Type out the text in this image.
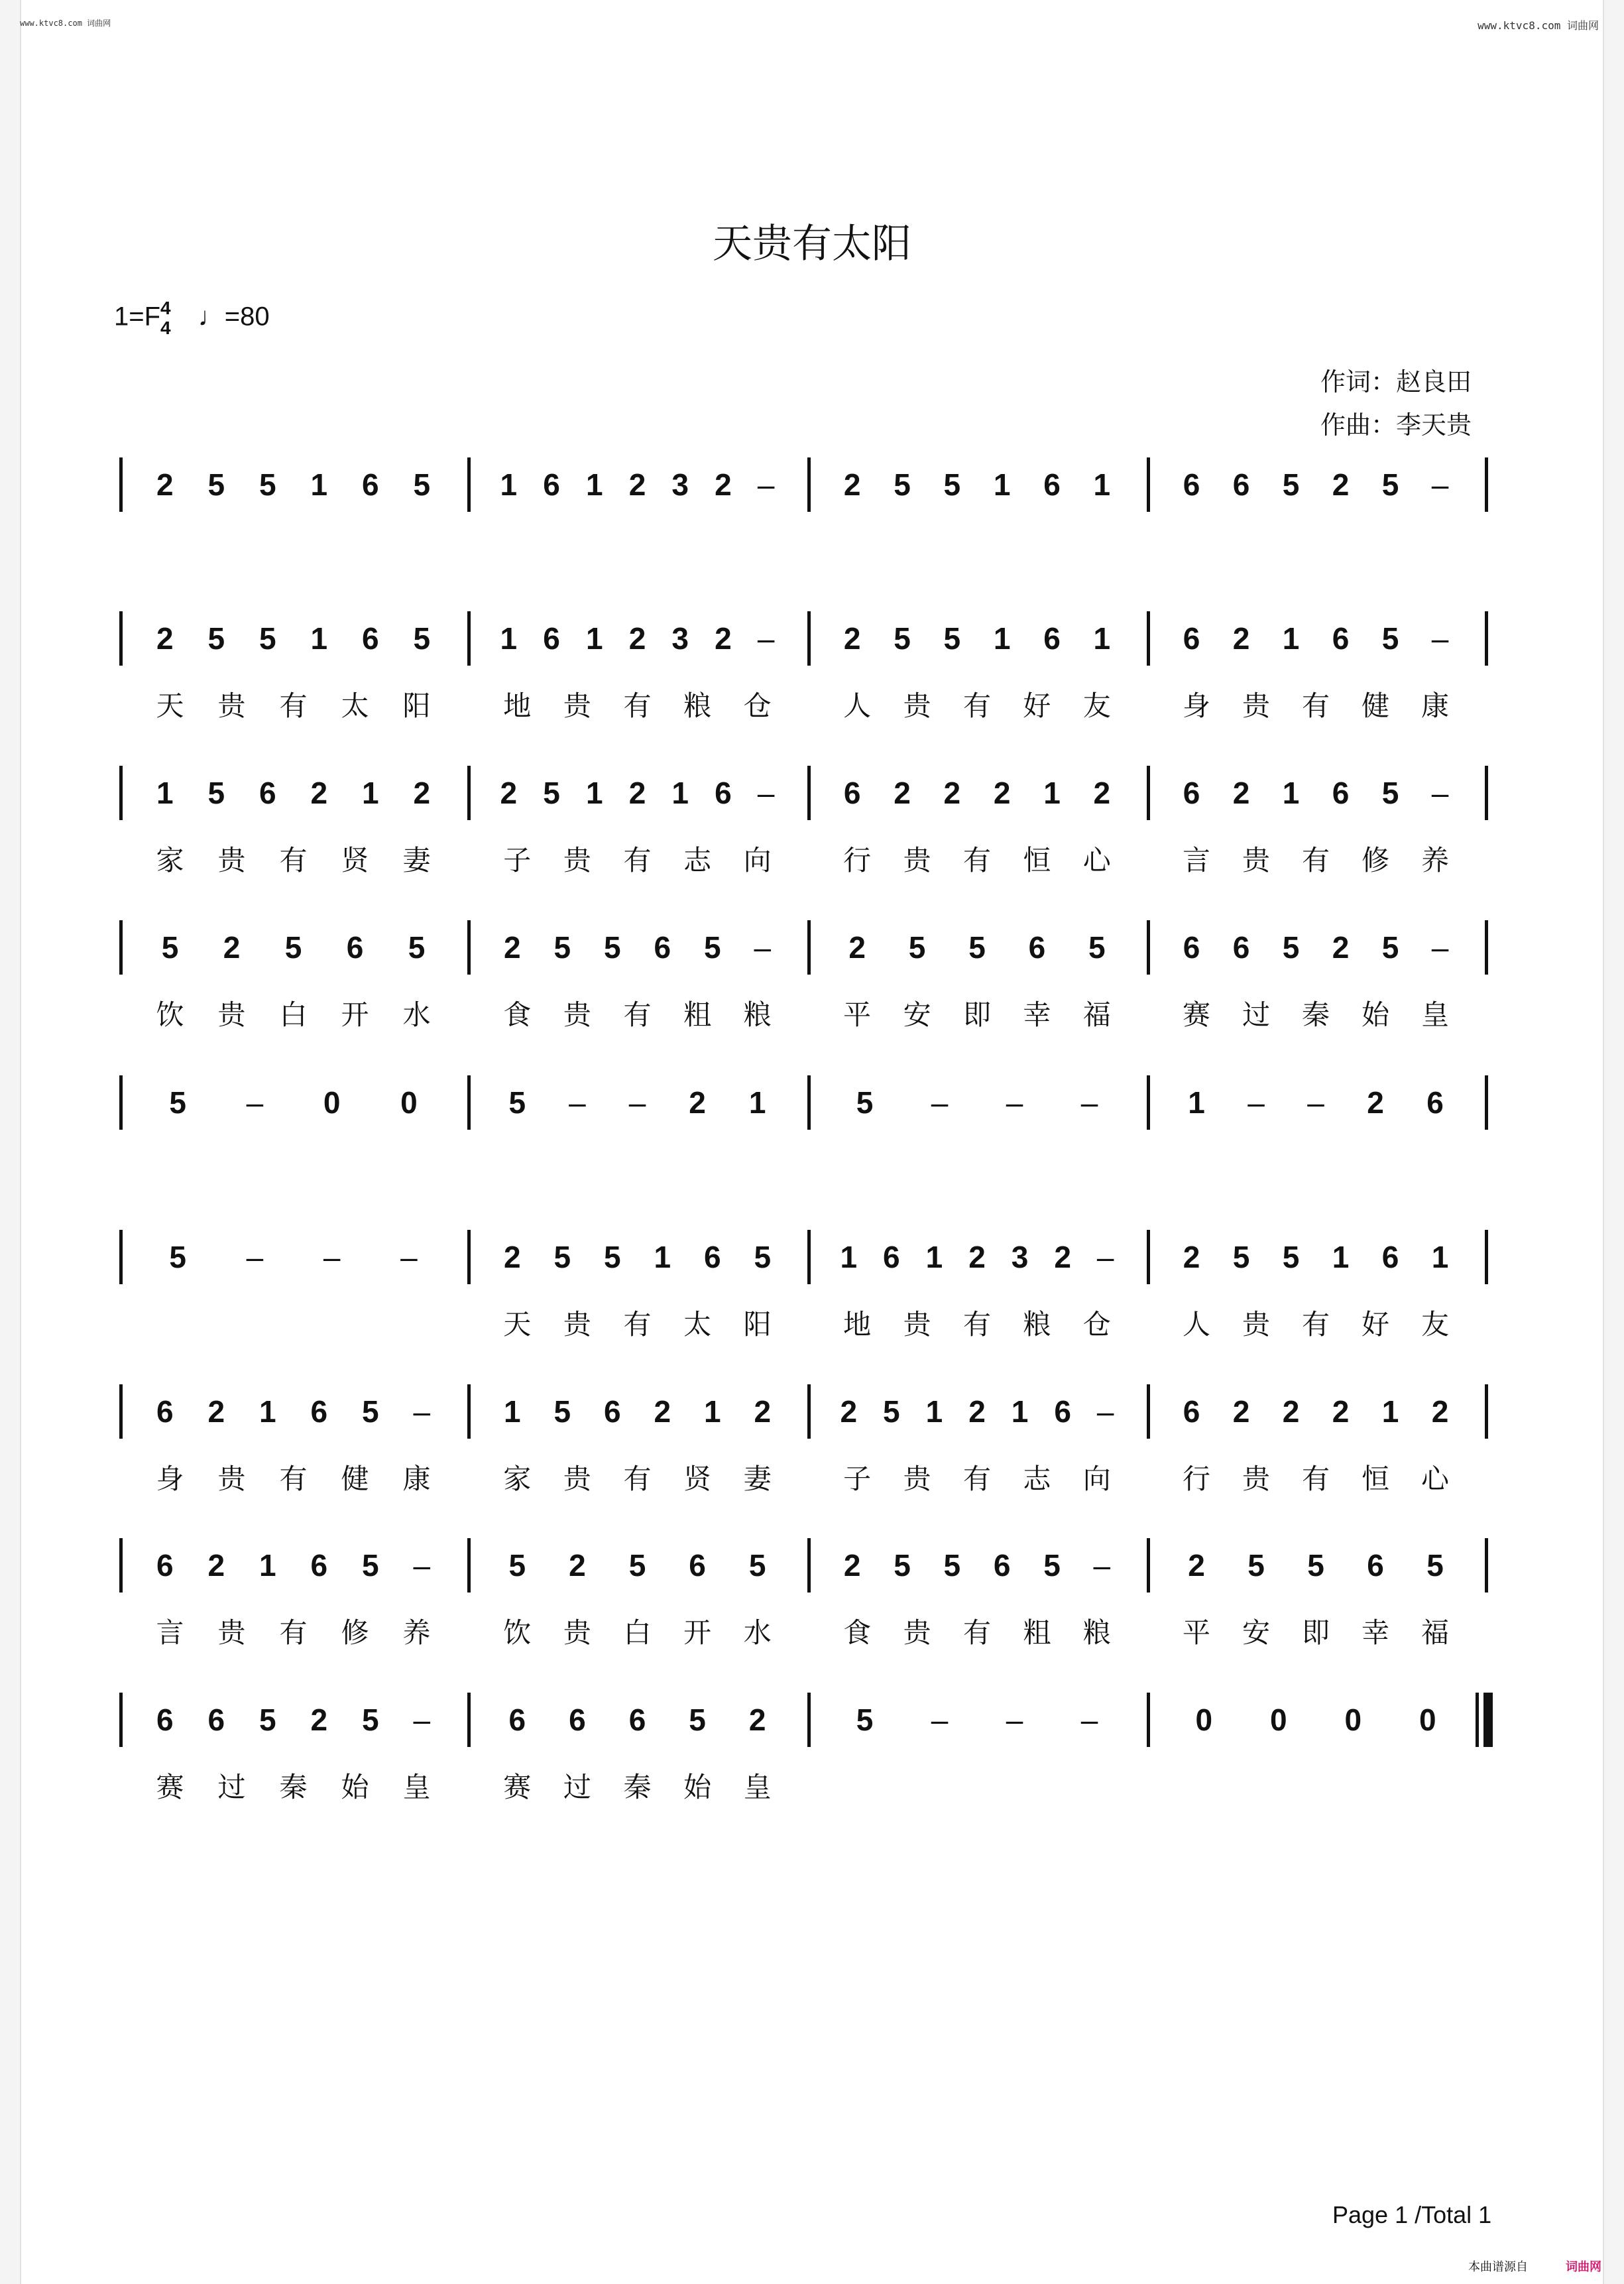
www.ktvc8.com 词曲网	www.ktvc8.com 词曲网
天贵有太阳
1=F4
4 ♩=80
作词：赵良田
作曲：李天贵
2	5	5	1	6	5	1 6 1 2 3 2 –	2	5	5	1	6	1	6	6	5	2	5	–
2	5	5	1	6	5
天 贵 有 太 阳
1 6 1 2 3 2 –
地 贵 有 粮 仓
2	5	5	1	6	1
人 贵 有 好 友
6	2	1	6	5	–
身 贵 有 健 康
1	5	6	2	1	2
家 贵 有 贤 妻
2 5 1 2 1 6 –
子 贵 有 志 向
6	2	2	2	1	2
行 贵 有 恒 心
6	2	1	6	5	–
言 贵 有 修 养
5	2	5	6	5
饮 贵 白 开 水
2	5	5	6	5	–
食 贵 有 粗 粮
2	5	5	6	5
平 安 即 幸 福
6	6	5	2	5	–
赛 过 秦 始 皇
5	–	0	0	5	–	–	2	1	5	–	–	–	1	–	–	2	6
5	–	–	–	2	5	5	1	6	5
天 贵 有 太 阳
1 6 1 2 3 2 –
地 贵 有 粮 仓
2	5	5	1	6	1
人 贵 有 好 友
6	2	1	6	5	–
身 贵 有 健 康
1	5	6	2	1	2
家 贵 有 贤 妻
2 5 1 2 1 6 –
子 贵 有 志 向
6	2	2	2	1	2
行 贵 有 恒 心
6	2	1	6	5	–
言 贵 有 修 养
5	2	5	6	5
饮 贵 白 开 水
2	5	5	6	5	–
食 贵 有 粗 粮
2	5	5	6	5
平 安 即 幸 福
6	6	5	2	5	–
赛 过 秦 始 皇
6	6	6	5	2
赛 过 秦 始 皇
5	–	–	–	0	0	0	0
Page 1 /Total 1
本曲谱源自	词曲网
